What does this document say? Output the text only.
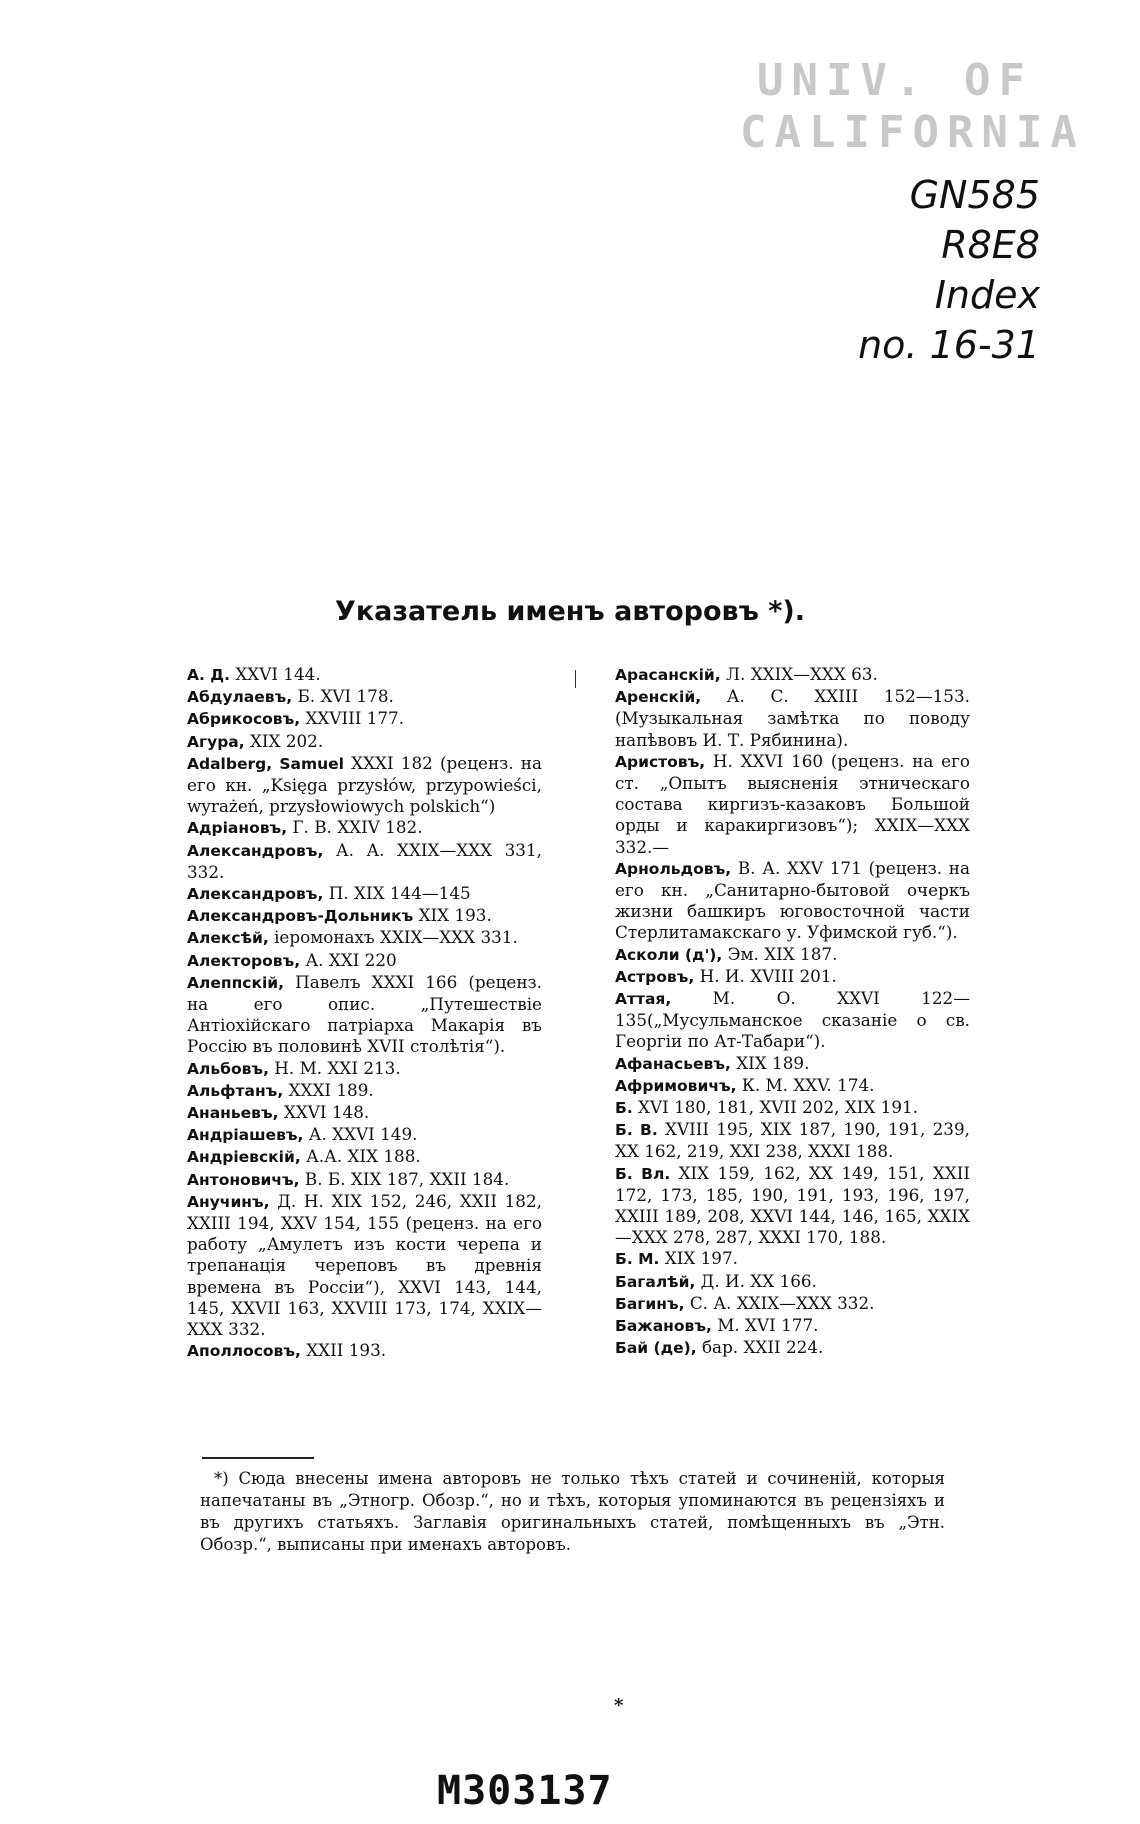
UNIV. OF
CALIFORNIA
GN585
R8E8
Index
no. 16-31
Указатель именъ авторовъ *).

А. Д. XXVI 144.

Абдулаевъ, Б. XVI 178.

Абрикосовъ, XXVIII 177.

Агура, XIX 202.

Adalberg, Samuel XXXI 182 (реценз. на его кн. „Księga przysłów, przypowieści, wyrażeń, przysłowiowych polskich“)

Адріановъ, Г. В. XXIV 182.

Александровъ, А. А. XXIX—XXX 331, 332.

Александровъ, П. XIX 144—145

Александровъ-Дольникъ XIX 193.

Алексѣй, іеромонахъ XXIX—XXX 331.

Алекторовъ, А. XXI 220

Алеппскій, Павелъ XXXI 166 (реценз. на его опис. „Путешествіе Антіохійскаго патріарха Макарія въ Россію въ половинѣ XVII столѣтія“).

Альбовъ, Н. М. XXI 213.

Альфтанъ, XXXI 189.

Ананьевъ, XXVI 148.

Андріашевъ, А. XXVI 149.

Андріевскій, А.А. XIX 188.

Антоновичъ, В. Б. XIX 187, XXII 184.

Анучинъ, Д. Н. XIX 152, 246, XXII 182, XXIII 194, XXV 154, 155 (реценз. на его работу „Амулетъ изъ кости черепа и трепанація череповъ въ древнія времена въ Россіи“), XXVI 143, 144, 145, XXVII 163, XXVIII 173, 174, XXIX—XXX 332.

Аполлосовъ, XXII 193.

Арасанскій, Л. XXIX—XXX 63.

Аренскій, А. С. XXIII 152—153. (Музыкальная замѣтка по поводу напѣвовъ И. Т. Рябинина).

Аристовъ, Н. XXVI 160 (реценз. на его ст. „Опытъ выясненія этническаго состава киргизъ-казаковъ Большой орды и каракиргизовъ“); XXIX—XXX 332.—

Арнольдовъ, В. А. XXV 171 (реценз. на его кн. „Санитарно-бытовой очеркъ жизни башкиръ юговосточной части Стерлитамакскаго у. Уфимской губ.“).

Асколи (д'), Эм. XIX 187.

Астровъ, Н. И. XVIII 201.

Аттая, М. О. XXVI 122—135(„Мусульманское сказаніе о св. Георгіи по Ат-Табари“).

Афанасьевъ, XIX 189.

Афримовичъ, К. М. XXV. 174.

Б. XVI 180, 181, XVII 202, XIX 191.

Б. В. XVIII 195, XIX 187, 190, 191, 239, XX 162, 219, XXI 238, XXXI 188.

Б. Вл. XIX 159, 162, XX 149, 151, XXII 172, 173, 185, 190, 191, 193, 196, 197, XXIII 189, 208, XXVI 144, 146, 165, XXIX—XXX 278, 287, XXXI 170, 188.

Б. М. XIX 197.

Багалѣй, Д. И. XX 166.

Багинъ, С. А. XXIX—XXX 332.

Бажановъ, М. XVI 177.

Бай (де), бар. XXII 224.

*) Сюда внесены имена авторовъ не только тѣхъ статей и сочиненій, которыя напечатаны въ „Этногр. Обозр.“, но и тѣхъ, которыя упоминаются въ рецензіяхъ и въ другихъ статьяхъ. Заглавія оригинальныхъ статей, помѣщенныхъ въ „Этн. Обозр.“, выписаны при именахъ авторовъ.
*
M303137
